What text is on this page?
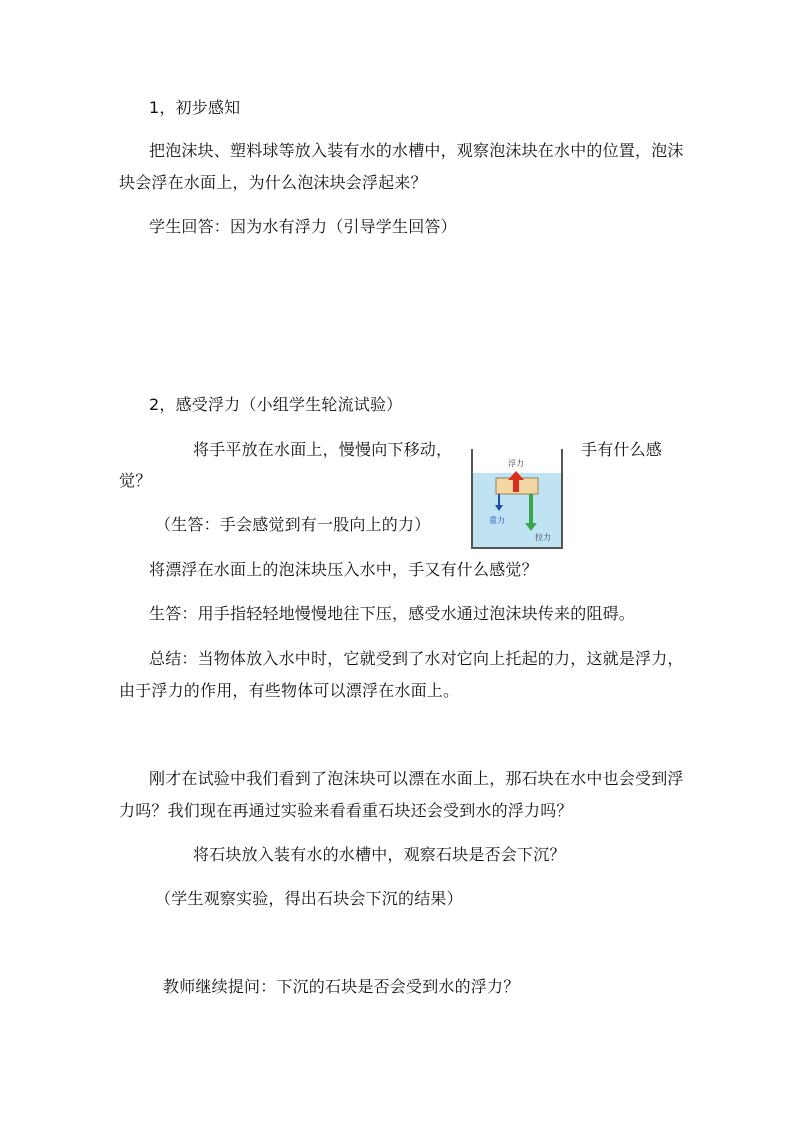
1，初步感知
把泡沫块、塑料球等放入装有水的水槽中，观察泡沫块在水中的位置，泡沫
块会浮在水面上，为什么泡沫块会浮起来？
学生回答：因为水有浮力（引导学生回答）
2，感受浮力（小组学生轮流试验）
将手平放在水面上，慢慢向下移动，	手有什么感
觉？
（生答：手会感觉到有一股向上的力）
将漂浮在水面上的泡沫块压入水中，手又有什么感觉？
生答：用手指轻轻地慢慢地往下压，感受水通过泡沫块传来的阻碍。
总结：当物体放入水中时，它就受到了水对它向上托起的力，这就是浮力，
由于浮力的作用，有些物体可以漂浮在水面上。
刚才在试验中我们看到了泡沫块可以漂在水面上，那石块在水中也会受到浮
力吗？我们现在再通过实验来看看重石块还会受到水的浮力吗？
将石块放入装有水的水槽中，观察石块是否会下沉？
（学生观察实验，得出石块会下沉的结果）
教师继续提问：下沉的石块是否会受到水的浮力？
浮力
重力
拉力
